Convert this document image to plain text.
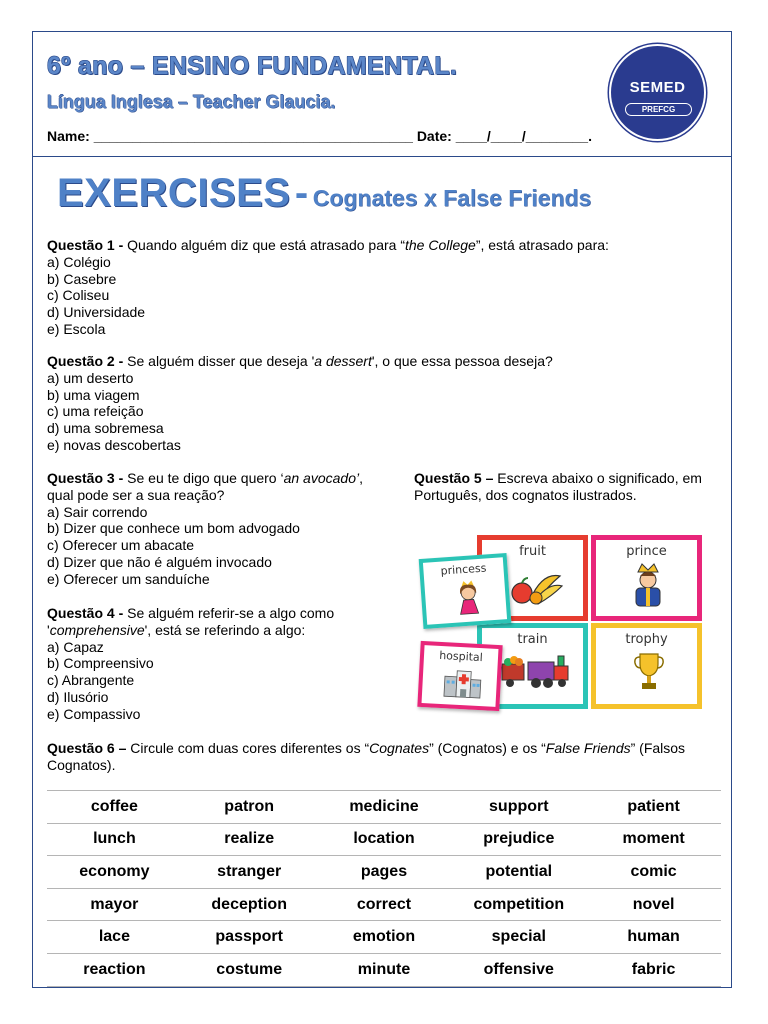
6º ano – ENSINO FUNDAMENTAL.
Língua Inglesa – Teacher Glaucia.
Name: _________________________________________ Date: ____/____/________.
SEMED
PREFCG
EXERCISES - Cognates x False Friends
Questão 1 - Quando alguém diz que está atrasado para “the College”, está atrasado para:
a) Colégio
b) Casebre
c) Coliseu
d) Universidade
e) Escola
Questão 2 - Se alguém disser que deseja 'a dessert', o que essa pessoa deseja?
a) um deserto
b) uma viagem
c) uma refeição
d) uma sobremesa
e) novas descobertas
Questão 3 - Se eu te digo que quero ‘an avocado’, qual pode ser a sua reação?
a) Sair correndo
b) Dizer que conhece um bom advogado
c) Oferecer um abacate
d) Dizer que não é alguém invocado
e) Oferecer um sanduíche
Questão 4 - Se alguém referir-se a algo como 'comprehensive', está se referindo a algo:
a) Capaz
b) Compreensivo
c) Abrangente
d) Ilusório
e) Compassivo
Questão 5 – Escreva abaixo o significado, em Português, dos cognatos ilustrados.
fruit	prince
train	trophy
princess
hospital
Questão 6 – Circule com duas cores diferentes os “Cognates” (Cognatos) e os “False Friends” (Falsos Cognatos).
coffee	patron	medicine	support	patient
lunch	realize	location	prejudice	moment
economy	stranger	pages	potential	comic
mayor	deception	correct	competition	novel
lace	passport	emotion	special	human
reaction	costume	minute	offensive	fabric
